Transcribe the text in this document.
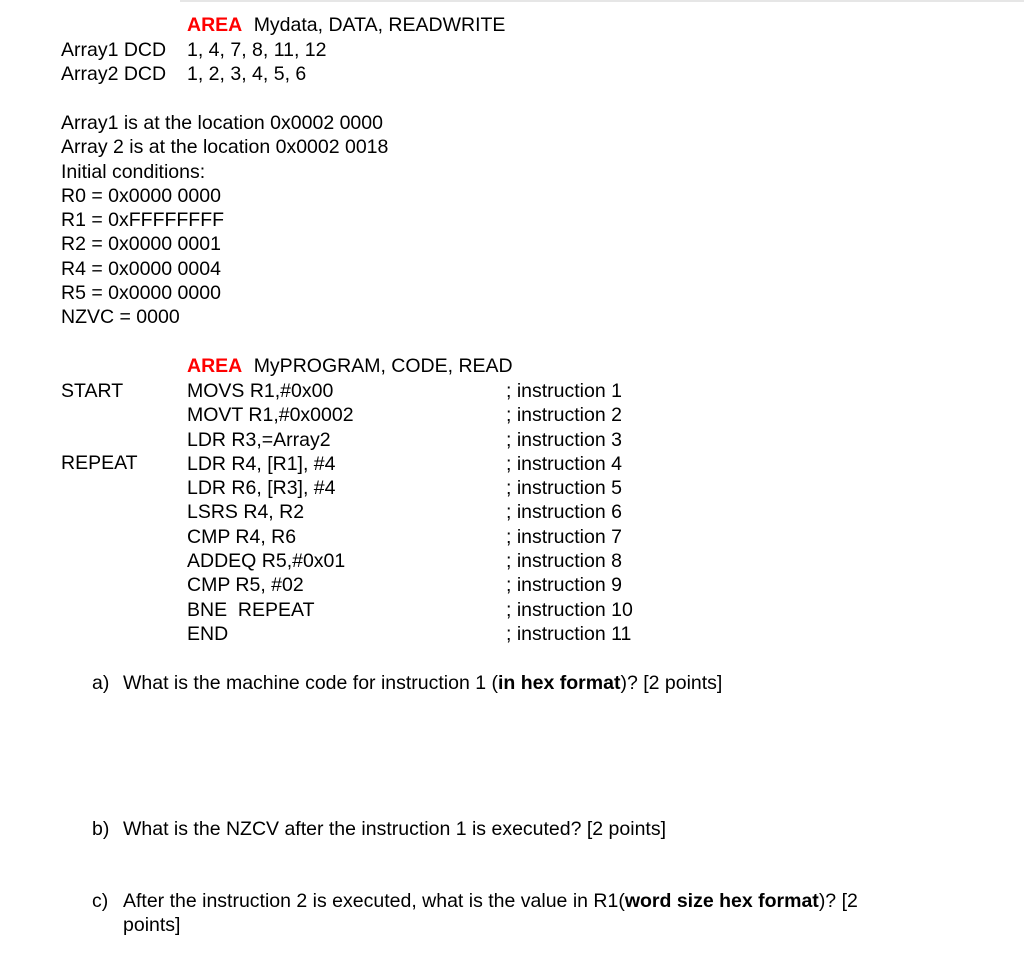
AREA Mydata, DATA, READWRITE
Array1 DCD 1, 4, 7, 8, 11, 12
Array2 DCD 1, 2, 3, 4, 5, 6
Array1 is at the location 0x0002 0000
Array 2 is at the location 0x0002 0018
Initial conditions:
R0 = 0x0000 0000
R1 = 0xFFFFFFFF
R2 = 0x0000 0001
R4 = 0x0000 0004
R5 = 0x0000 0000
NZVC = 0000
AREA MyPROGRAM, CODE, READ
START
REPEAT
MOVS R1,#0x00
MOVT R1,#0x0002
LDR R3,=Array2
LDR R4, [R1], #4
LDR R6, [R3], #4
LSRS R4, R2
CMP R4, R6
ADDEQ R5,#0x01
CMP R5, #02
BNE  REPEAT
END
; instruction 1
; instruction 2
; instruction 3
; instruction 4
; instruction 5
; instruction 6
; instruction 7
; instruction 8
; instruction 9
; instruction 10
; instruction 11
a) What is the machine code for instruction 1 (in hex format)? [2 points]
b) What is the NZCV after the instruction 1 is executed? [2 points]
c) After the instruction 2 is executed, what is the value in R1(word size hex format)? [2
points]
